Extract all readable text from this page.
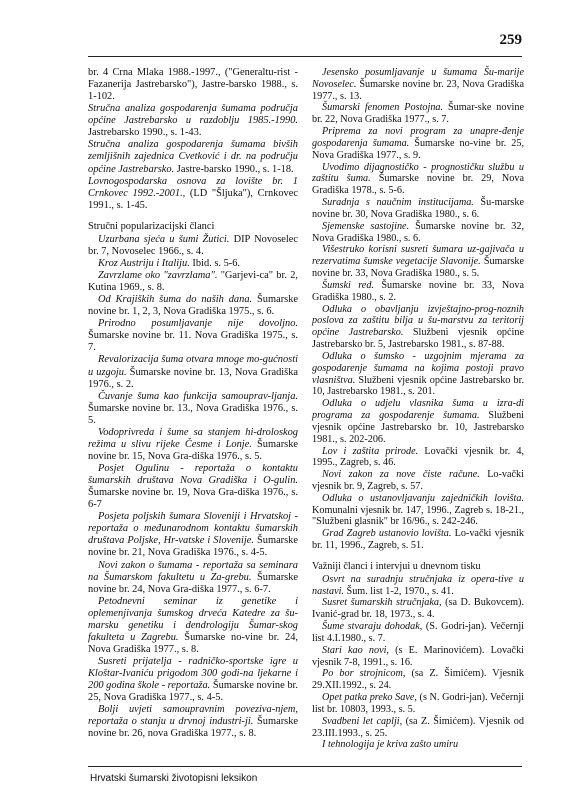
259

br. 4 Crna Mlaka 1988.-1997., ("Generaltu-rist - Fazanerija Jastrebarsko"), Jastre-barsko 1988., s. 1-102.

Stručna analiza gospodarenja šumama područja općine Jastrebarsko u razdoblju 1985.-1990. Jastrebarsko 1990., s. 1-43.

Stručna analiza gospodarenja šumama bivših zemljišnih zajednica Cvetković i dr. na području općine Jastrebarsko. Jastre-barsko 1990., s. 1-18.

Lovnogospodarska osnova za lovište br. 1 Crnkovec 1992.-2001., (LD "Šljuka"), Crnkovec 1991., s. 1-45.

Stručni popularizacijski članci

Uzurbana sjeća u šumi Žutici. DIP Novoselec br. 7, Novoselec 1966., s. 4.

Kroz Austriju i Italiju. Ibid. s. 5-6.

Zavrzlame oko "zavrzlama". "Garjevi-ca" br. 2, Kutina 1969., s. 8.

Od Krajiških šuma do naših dana. Šumarske novine br. 1, 2, 3, Nova Gradiška 1975., s. 6.

Prirodno posumljavanje nije dovoljno. Šumarske novine br. 11. Nova Gradiška 1975., s. 7.

Revalorizacija šuma otvara mnoge mo-gućnosti u uzgoju. Šumarske novine br. 13, Nova Gradiška 1976., s. 2.

Čuvanje šuma kao funkcija samouprav-ljanja. Šumarske novine br. 13., Nova Gradiška 1976., s. 5.

Vodoprivreda i šume sa stanjem hi-droloskog režima u slivu rijeke Česme i Lonje. Šumarske novine br. 15, Nova Gra-diška 1976., s. 5.

Posjet Ogulinu - reportaža o kontaktu šumarskih društava Nova Gradiška i O-gulin. Šumarske novine br. 19, Nova Gra-diška 1976., s. 6-7

Posjeta poljskih šumara Sloveniji i Hrvatskoj - reportaža o međunarodnom kontaktu šumarskih društava Poljske, Hr-vatske i Slovenije. Šumarske novine br. 21, Nova Gradiška 1976., s. 4-5.

Novi zakon o šumama - reportaža sa seminara na Šumarskom fakultetu u Za-grebu. Šumarske novine br. 24, Nova Gra-diška 1977., s. 6-7.

Petodnevni seminar iz genetike i oplemenjivanja šumskog drveća Katedre za šu-marsku genetiku i dendrologiju Šumar-skog fakulteta u Zagrebu. Šumarske no-vine br. 24, Nova Gradiška 1977., s. 8.

Susreti prijatelja - radničko-sportske igre u Kloštar-Ivaniću prigodom 300 godi-na ljekarne i 200 godina škole - reportaža. Šumarske novine br. 25, Nova Gradiška 1977., s. 4-5.

Bolji uvjeti samoupravnim poveziva-njem, reportaža o stanju u drvnoj industri-ji. Šumarske novine br. 26, nova Gradiška 1977., s. 8.

Jesensko posumljavanje u šumama Šu-marije Novoselec. Šumarske novine br. 23, Nova Gradiška 1977., s. 13.

Šumarski fenomen Postojna. Šumar-ske novine br. 22, Nova Gradiška 1977., s. 7.

Priprema za novi program za unapre-đenje gospodarenja šumama. Šumarske no-vine br. 25, Nova Gradiška 1977., s. 9.

Uvodimo dijagnostičko - prognostičku službu u zaštitu šuma. Šumarske novine br. 29, Nova Gradiška 1978., s. 5-6.

Suradnja s naučnim institucijama. Šu-marske novine br. 30, Nova Gradiška 1980., s. 6.

Sjemenske sastojine. Šumarske novine br. 32, Nova Gradiška 1980., s. 6.

Višestruko korisni susreti šumara uz-gajivača u rezervatima šumske vegetacije Slavonije. Šumarske novine br. 33, Nova Gradiška 1980., s. 5.

Šumski red. Šumarske novine br. 33, Nova Gradiška 1980., s. 2.

Odluka o obavljanju izvještajno-prog-noznih poslova za zaštitu bilja u šu-marstvu za teritorij općine Jastrebarsko. Službeni vjesnik općine Jastrebarsko br. 5, Jastrebarsko 1981., s. 87-88.

Odluka o šumsko - uzgojnim mjerama za gospodarenje šumama na kojima postoji pravo vlasništva. Službeni vjesnik općine Jastrebarsko br. 10, Jastrebarsko 1981., s. 201.

Odluka o udjelu vlasnika šuma u izra-di programa za gospodarenje šumama. Službeni vjesnik općine Jastrebarsko br. 10, Jastrebarsko 1981., s. 202-206.

Lov i zaštita prirode. Lovački vjesnik br. 4, 1995., Zagreb, s. 46.

Novi zakon za nove čiste račune. Lo-vački vjesnik br. 9, Zagreb, s. 57.

Odluka o ustanovljavanju zajedničkih lovišta. Komunalni vjesnik br. 147, 1996., Zagreb s. 18-21., "Službeni glasnik" br 16/96., s. 242-246.

Grad Zagreb ustanovio lovišta. Lo-vački vjesnik br. 11, 1996., Zagreb, s. 51.

Važniji članci i intervjui u dnevnom tisku

Osvrt na suradnju stručnjaka iz opera-tive u nastavi. Šum. list 1-2, 1970., s. 41.

Susret šumarskih stručnjaka, (sa D. Bukovcem). Ivanić-grad br. 18, 1973., s. 4.

Šume stvaraju dohodak, (S. Godri-jan). Večernji list 4.I.1980., s. 7.

Stari kao novi, (s E. Marinovićem). Lovački vjesnik 7-8, 1991., s. 16.

Po bor strojnicom, (sa Z. Šimićem). Vjesnik 29.XII.1992., s. 24.

Opet patka preko Save, (s N. Godri-jan). Večernji list br. 10803, 1993., s. 5.

Svadbeni let caplji, (sa Z. Šimićem). Vjesnik od 23.III.1993., s. 25.

I tehnologija je kriva zašto umiru

Hrvatski šumarski životopisni leksikon
